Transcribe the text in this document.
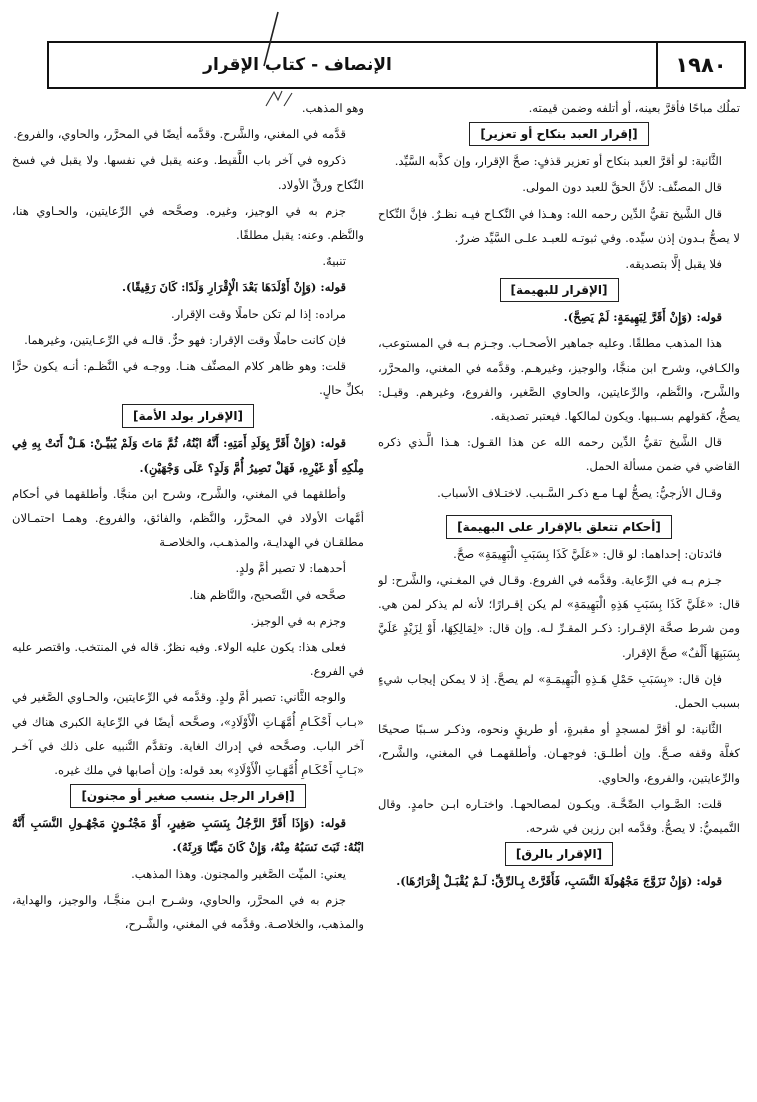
١٩٨٠
الإنصاف - كتاب الإقرار

تملُك مباحًا فأقرَّ بعينه، أو أتلفه وضمن قيمته.

[إقرار العبد بنكاح أو تعزير]

الثَّانية: لو أقرَّ العبد بنكاح أو تعزير قذفٍ: صحَّ الإقرار، وإن كذَّبه السَّيِّد.

قال المصنِّف: لأنَّ الحقَّ للعبد دون المولى.

قال الشَّيخ تقيُّ الدِّين رحمه الله: وهـذا في النِّكـاح فيـه نظـرٌ. فإنَّ النِّكاح لا يصحُّ بـدون إذن سيِّده. وفي ثبوتـه للعبـد علـى السَّيِّد ضررٌ.

فلا يقبل إلَّا بتصديقه.

[الإقرار للبهيمة]

قوله: (وَإِنْ أَقَرَّ لِبَهِيمَةٍ: لَمْ يَصِحَّ).

هذا المذهب مطلقًا. وعليه جماهير الأصحـاب. وجـزم بـه في المستوعب، والكـافي، وشرح ابن منجَّا، والوجيز، وغيرهـم. وقدَّمه في المغني، والمحرَّر، والشَّرح، والنَّظم، والرِّعايتين، والحاوي الصَّغير، والفروع، وغيرهم. وقيـل: يصحُّ، كقولهم بسـببها. ويكون لمالكها. فيعتبر تصديقه.

قال الشَّيخ تقيُّ الدِّين رحمه الله عن هذا القـول: هـذا الَّـذي ذكره القاضي في ضمن مسألة الحمل.

وقـال الأزجيُّ: يصحُّ لهـا مـع ذكـر السَّـبب. لاختـلاف الأسباب.

[أحكام تتعلق بالإقرار على البهيمة]

فائدتان: إحداهما: لو قال: «عَلَيَّ كَذَا بِسَبَبِ الْبَهِيمَةِ» صحَّ.

جـزم بـه في الرِّعاية. وقدَّمه في الفروع. وقـال في المغـني، والشَّرح: لو قال: «عَلَيَّ كَذَا بِسَبَبِ هَذِهِ الْبَهِيمَةِ» لم يكن إقـرارًا؛ لأنه لم يذكر لمن هي. ومن شرط صحَّة الإقـرار: ذكـر المقـرِّ لـه. وإن قال: «لِمَالِكِهَا، أَوْ لِزَيْدٍ عَلَيَّ بِسَبَبِهَا أَلْفٌ» صحَّ الإقرار.

فإن قال: «بِسَبَبِ حَمْلِ هَـذِهِ الْبَهِيمَـةِ» لم يصحَّ. إذ لا يمكن إيجاب شيءٍ بسبب الحمل.

الثَّانية: لو أقرَّ لمسجدٍ أو مقبرةٍ، أو طريقٍ ونحوه، وذكـر سـببًا صحيحًا كغلَّة وقفه صـحَّ. وإن أطلـق: فوجهـان. وأطلقهمـا في المغني، والشَّرح، والرِّعايتين، والفروع، والحاوي.

قلت: الصَّـواب الصِّحَّـة. ويكـون لمصالحهـا. واختـاره ابـن حامدٍ. وقال التَّميميُّ: لا يصحُّ. وقدَّمه ابن رزين في شرحه.

[الإقرار بالرق]

قوله: (وَإِنْ تَزَوَّجَ مَجْهُولَةَ النَّسَبِ، فَأَقَرَّتْ بِـالرِّقِّ: لَـمْ يُقْبَـلْ إِقْرَارُهَا).

وهو المذهب.

قدَّمه في المغني، والشَّرح. وقدَّمه أيضًا في المحرَّر، والحاوي، والفروع.

ذكروه في آخر باب اللَّقيط. وعنه يقبل في نفسها. ولا يقبل في فسخ النِّكاح ورقِّ الأولاد.

جزم به في الوجيز، وغيره. وصحَّحه في الرِّعايتين، والحـاوي هنا، والنَّظم. وعنه: يقبل مطلقًا.

تنبيهٌ.

قوله: (وَإِنْ أَوْلَدَهَا بَعْدَ الْإِقْرَارِ وَلَدًا: كَانَ رَقِيقًا).

مراده: إذا لم تكن حاملًا وقت الإقرار.

فإن كانت حاملًا وقت الإقرار: فهو حرٌّ. قالـه في الرِّعـايتين، وغيرهما.

قلت: وهو ظاهر كلام المصنِّف هنـا. ووجـه في النَّظـم: أنـه يكون حرًّا بكلِّ حالٍ.

[الإقرار بولد الأمة]

قوله: (وَإِنْ أَقَرَّ بِوَلَدِ أَمَتِهِ: أَنَّهُ ابْنُهُ، ثُمَّ مَاتَ وَلَمْ يُبَيِّـنْ: هَـلْ أَتَتْ بِهِ فِي مِلْكِهِ أَوْ غَيْرِهِ، فَهَلْ تَصِيرُ أُمَّ وَلَدٍ؟ عَلَى وَجْهَيْنِ).

وأطلقهما في المغني، والشَّرح، وشرح ابن منجَّا. وأطلقهما في أحكام أمَّهات الأولاد في المحرَّر، والنَّظم، والفائق، والفروع. وهمـا احتمـالان مطلقـان في الهدايـة، والمذهـب، والخلاصـة

أحدهما: لا تصير أمَّ ولدٍ.

صحَّحه في التَّصحيح، والنَّاظم هنا.

وجزم به في الوجيز.

فعلى هذا: يكون عليه الولاء. وفيه نظرٌ. قاله في المنتخب. واقتصر عليه في الفروع.

والوجه الثَّاني: تصير أمَّ ولدٍ. وقدَّمه في الرِّعايتين، والحـاوي الصَّغير في «بـاب أَحْكَـامِ أُمَّهَـاتِ الْأَوْلَادِ»، وصحَّحه أيضًا في الرِّعاية الكبرى هناك في آخر الباب. وصحَّحه في إدراك الغاية. وتقدَّم التَّنبيه على ذلك في آخـر «بَـابِ أَحْكَـامِ أُمَّهَـاتِ الْأَوْلَادِ» بعد قوله: وإن أصابها في ملك غيره.

[إقرار الرجل بنسب صغير أو مجنون]

قوله: (وَإِذَا أَقَرَّ الرَّجُلُ بِنَسَبِ صَغِيرٍ، أَوْ مَجْنُـونٍ مَجْهُـولِ النَّسَبِ أَنَّهُ ابْنُهُ: ثَبَتَ نَسَبُهُ مِنْهُ، وَإِنْ كَانَ مَيِّتًا وَرِثَهُ).

يعني: الميِّت الصَّغير والمجنون. وهذا المذهب.

جزم به في المحرَّر، والحاوي، وشـرح ابـن منجَّـا، والوجيز، والهداية، والمذهب، والخلاصـة. وقدَّمه في المغني، والشَّـرح،
